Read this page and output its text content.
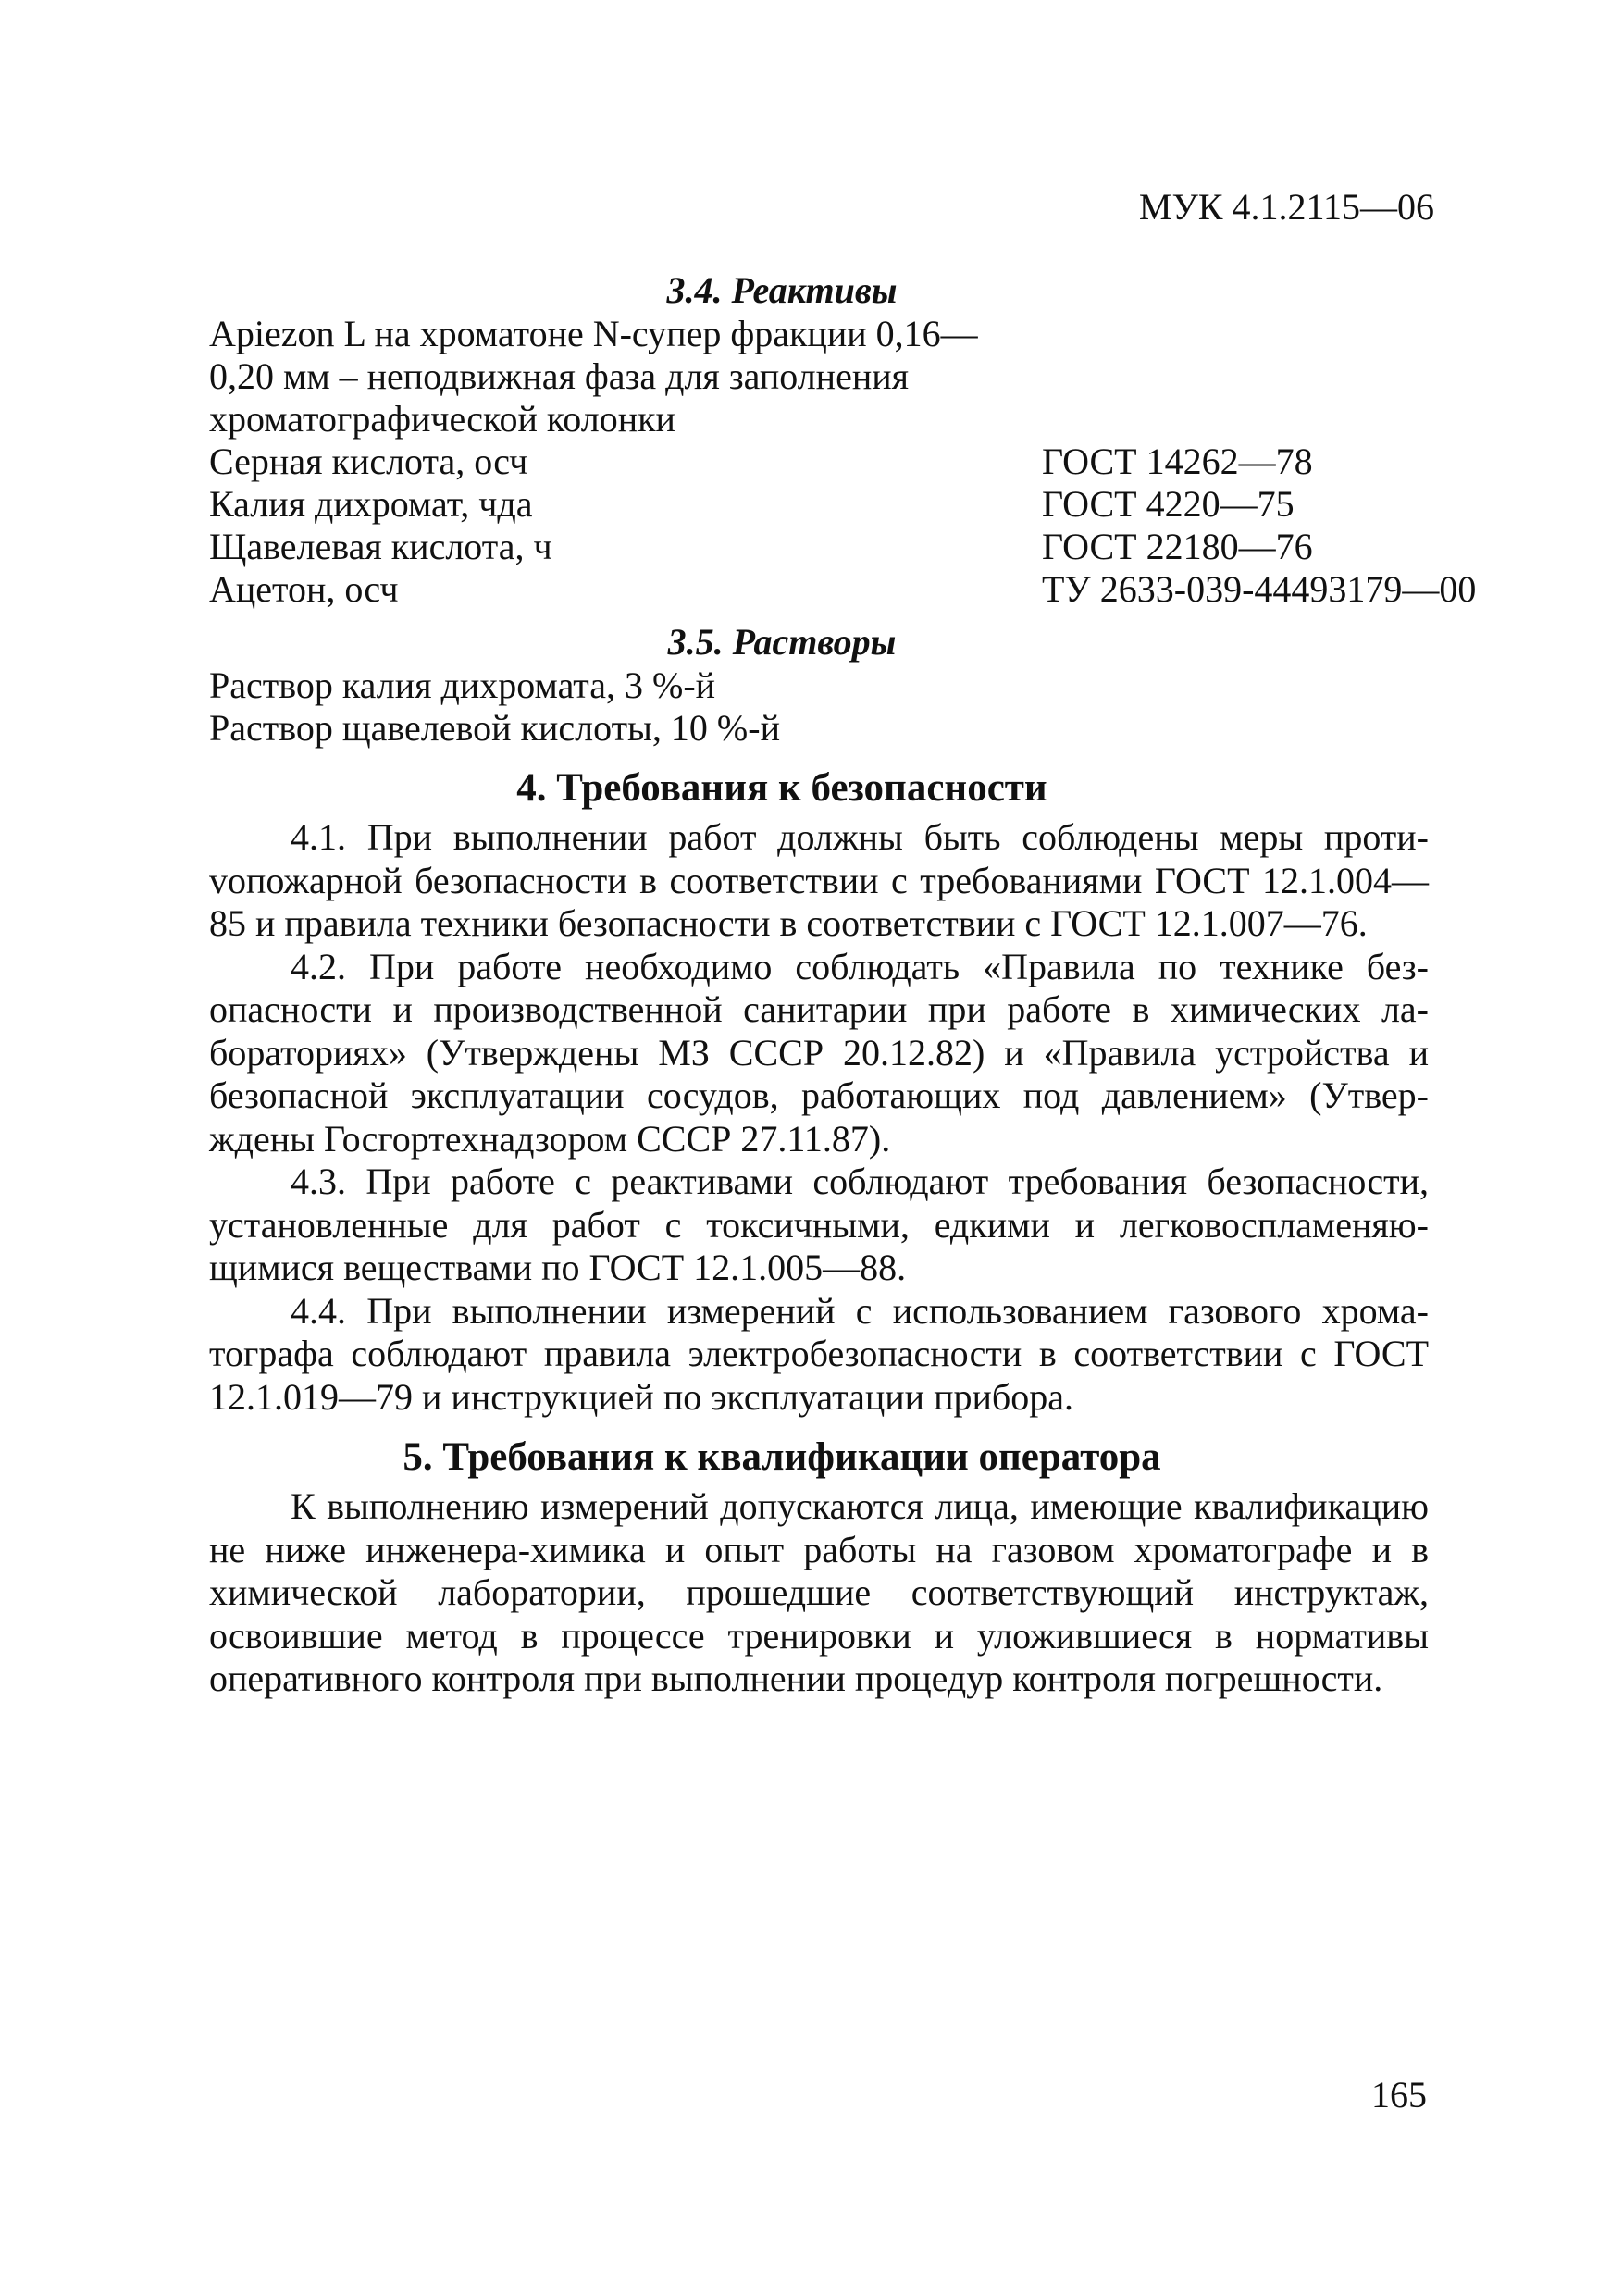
МУК 4.1.2115—06
3.4. Реактивы
Apiezon L на хроматоне N-супер фракции 0,16—
0,20 мм – неподвижная фаза для заполнения
хроматографической колонки
Серная кислота, осч	ГОСТ 14262—78
Калия дихромат, чда	ГОСТ 4220—75
Щавелевая кислота, ч	ГОСТ 22180—76
Ацетон, осч	ТУ 2633-039-44493179—00
3.5. Растворы
Раствор калия дихромата, 3 %-й
Раствор щавелевой кислоты, 10 %-й
4. Требования к безопасности

4.1. При выполнении работ должны быть соблюдены меры протиvопожарной безопасности в соответствии с требованиями ГОСТ 12.1.004—85 и правила техники безопасности в соответствии с ГОСТ 12.1.007—76.

4.2. При работе необходимо соблюдать «Правила по технике безопасности и производственной санитарии при работе в химических лабораториях» (Утверждены МЗ СССР 20.12.82) и «Правила устройства и безопасной эксплуатации сосудов, работающих под давлением» (Утверждены Госгортехнадзором СССР 27.11.87).

4.3. При работе с реактивами соблюдают требования безопасности, установленные для работ с токсичными, едкими и легковоспламеняющимися веществами по ГОСТ 12.1.005—88.

4.4. При выполнении измерений с использованием газового хроматографа соблюдают правила электробезопасности в соответствии с ГОСТ 12.1.019—79 и инструкцией по эксплуатации прибора.

5. Требования к квалификации оператора

К выполнению измерений допускаются лица, имеющие квалификацию не ниже инженера-химика и опыт работы на газовом хроматографе и в химической лаборатории, прошедшие соответствующий инструктаж, освоившие метод в процессе тренировки и уложившиеся в нормативы оперативного контроля при выполнении процедур контроля погрешности.

165
